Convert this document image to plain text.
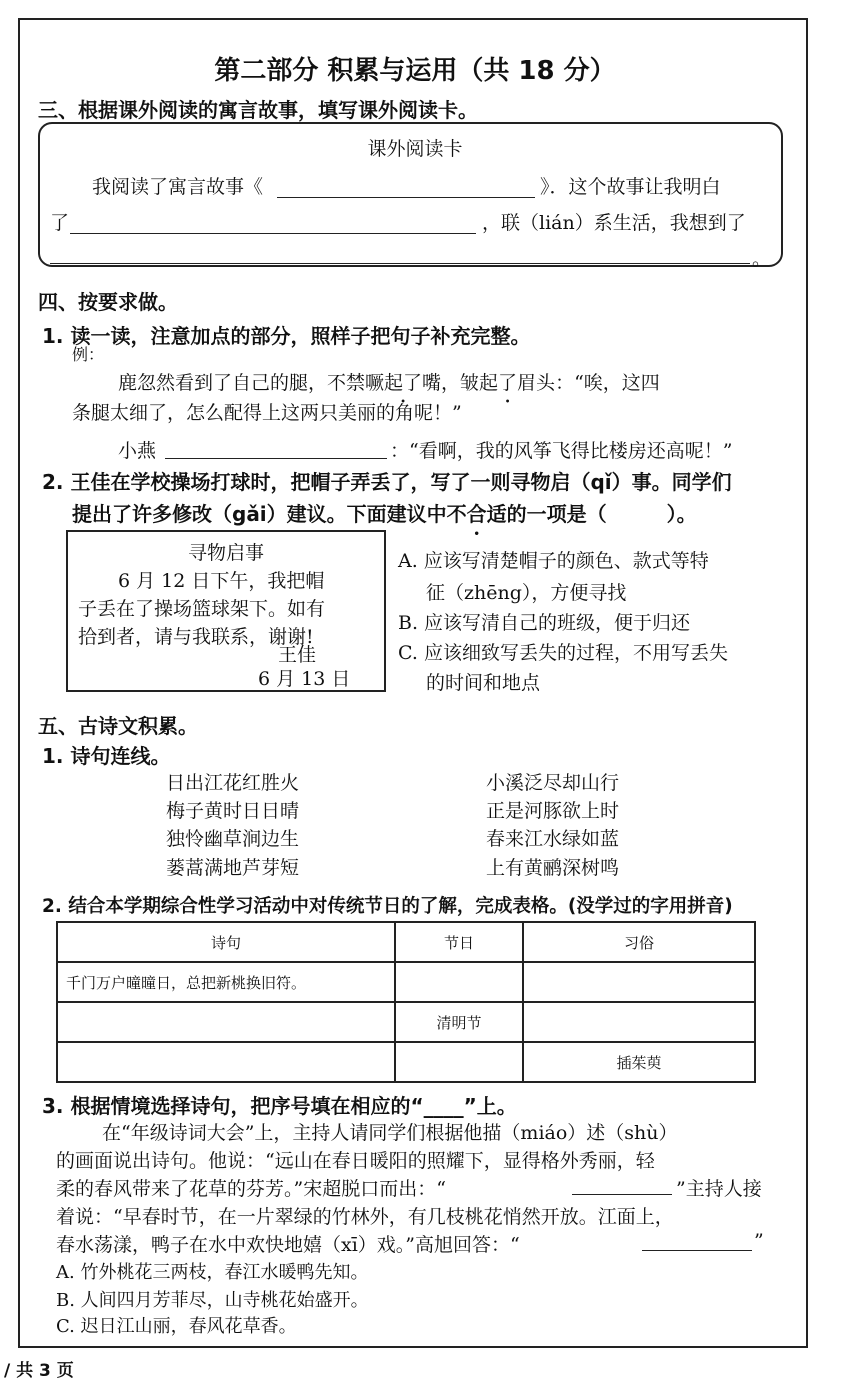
第二部分 积累与运用（共 18 分）
三、根据课外阅读的寓言故事，填写课外阅读卡。
课外阅读卡
我阅读了寓言故事《	》．这个故事让我明白
了	，联（lián）系生活，我想到了
。
四、按要求做。
1. 读一读，注意加点的部分，照样子把句子补充完整。
例：
鹿忽然看到了自己的腿，不禁噘起了嘴，皱起了眉头 •：“唉，这四
条腿太细了，怎么配得上这两只美丽的角呢！”
小燕	：“看啊，我的风筝飞得比楼房还高呢！”
2. 王佳在学校操场打球时，把帽子弄丢了，写了一则寻物启（qǐ）事。同学们
提出了许多修改（gǎi）建议。下面建议中不合适的一项是（	）。
寻物启事
6 月 12 日下午，我把帽
子丢在了操场篮球架下。如有
拾到者，请与我联系，谢谢!
王佳
6 月 13 日
A. 应该写清楚帽子的颜色、款式等特
征（zhēng），方便寻找
B. 应该写清自己的班级，便于归还
C. 应该细致写丢失的过程，不用写丢失
的时间和地点
五、古诗文积累。
1. 诗句连线。
日出江花红胜火
梅子黄时日日晴
独怜幽草涧边生
蒌蒿满地芦芽短
小溪泛尽却山行
正是河豚欲上时
春来江水绿如蓝
上有黄鹂深树鸣
2. 结合本学期综合性学习活动中对传统节日的了解，完成表格。(没学过的字用拼音)
诗句	节日	习俗
千门万户曈曈日，总把新桃换旧符。		
	清明节	
		插茱萸
3. 根据情境选择诗句，把序号填在相应的“____”上。
在“年级诗词大会”上，主持人请同学们根据他描（miáo）述（shù）
的画面说出诗句。他说：“远山在春日暖阳的照耀下，显得格外秀丽，轻
柔的春风带来了花草的芬芳。”宋超脱口而出：“	”主持人接
着说：“早春时节，在一片翠绿的竹林外，有几枝桃花悄然开放。江面上，
春水荡漾，鸭子在水中欢快地嬉（xī）戏。”高旭回答：“	”
A. 竹外桃花三两枝，春江水暖鸭先知。
B. 人间四月芳菲尽，山寺桃花始盛开。
C. 迟日江山丽，春风花草香。
/ 共 3 页
